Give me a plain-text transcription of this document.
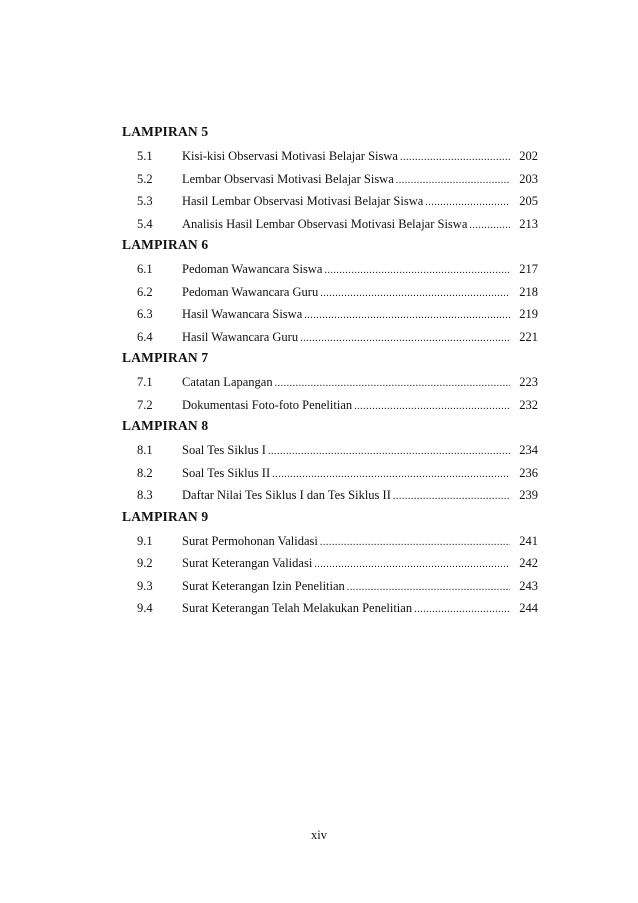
LAMPIRAN 5
5.1	Kisi-kisi Observasi Motivasi Belajar Siswa .....	202
5.2	Lembar Observasi Motivasi Belajar Siswa .....	203
5.3	Hasil Lembar Observasi Motivasi Belajar Siswa .....	205
5.4	Analisis Hasil Lembar Observasi Motivasi Belajar Siswa .....	213
LAMPIRAN 6
6.1	Pedoman Wawancara Siswa .....	217
6.2	Pedoman Wawancara Guru .....	218
6.3	Hasil Wawancara Siswa .....	219
6.4	Hasil Wawancara Guru .....	221
LAMPIRAN 7
7.1	Catatan Lapangan .....	223
7.2	Dokumentasi Foto-foto Penelitian .....	232
LAMPIRAN 8
8.1	Soal Tes Siklus I .....	234
8.2	Soal Tes Siklus II .....	236
8.3	Daftar Nilai Tes Siklus I dan Tes Siklus II .....	239
LAMPIRAN 9
9.1	Surat Permohonan Validasi .....	241
9.2	Surat Keterangan Validasi .....	242
9.3	Surat Keterangan Izin Penelitian .....	243
9.4	Surat Keterangan Telah Melakukan Penelitian .....	244
xiv
